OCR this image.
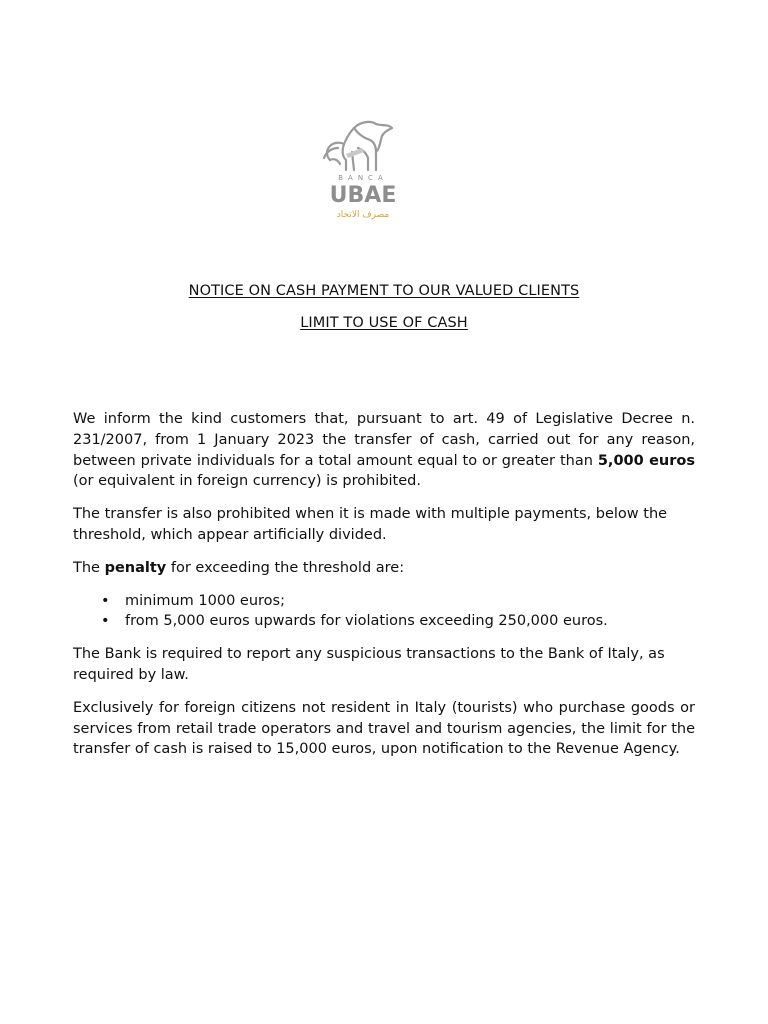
BANCA
UBAE
مصرف الاتحاد

NOTICE ON CASH PAYMENT TO OUR VALUED CLIENTS

LIMIT TO USE OF CASH

We inform the kind customers that, pursuant to art. 49 of Legislative Decree n. 231/2007, from 1 January 2023 the transfer of cash, carried out for any reason, between private individuals for a total amount equal to or greater than 5,000 euros (or equivalent in foreign currency) is prohibited.

The transfer is also prohibited when it is made with multiple payments, below the threshold, which appear artificially divided.

The penalty for exceeding the threshold are:

• minimum 1000 euros;
• from 5,000 euros upwards for violations exceeding 250,000 euros.

The Bank is required to report any suspicious transactions to the Bank of Italy, as required by law.

Exclusively for foreign citizens not resident in Italy (tourists) who purchase goods or services from retail trade operators and travel and tourism agencies, the limit for the transfer of cash is raised to 15,000 euros, upon notification to the Revenue Agency.
